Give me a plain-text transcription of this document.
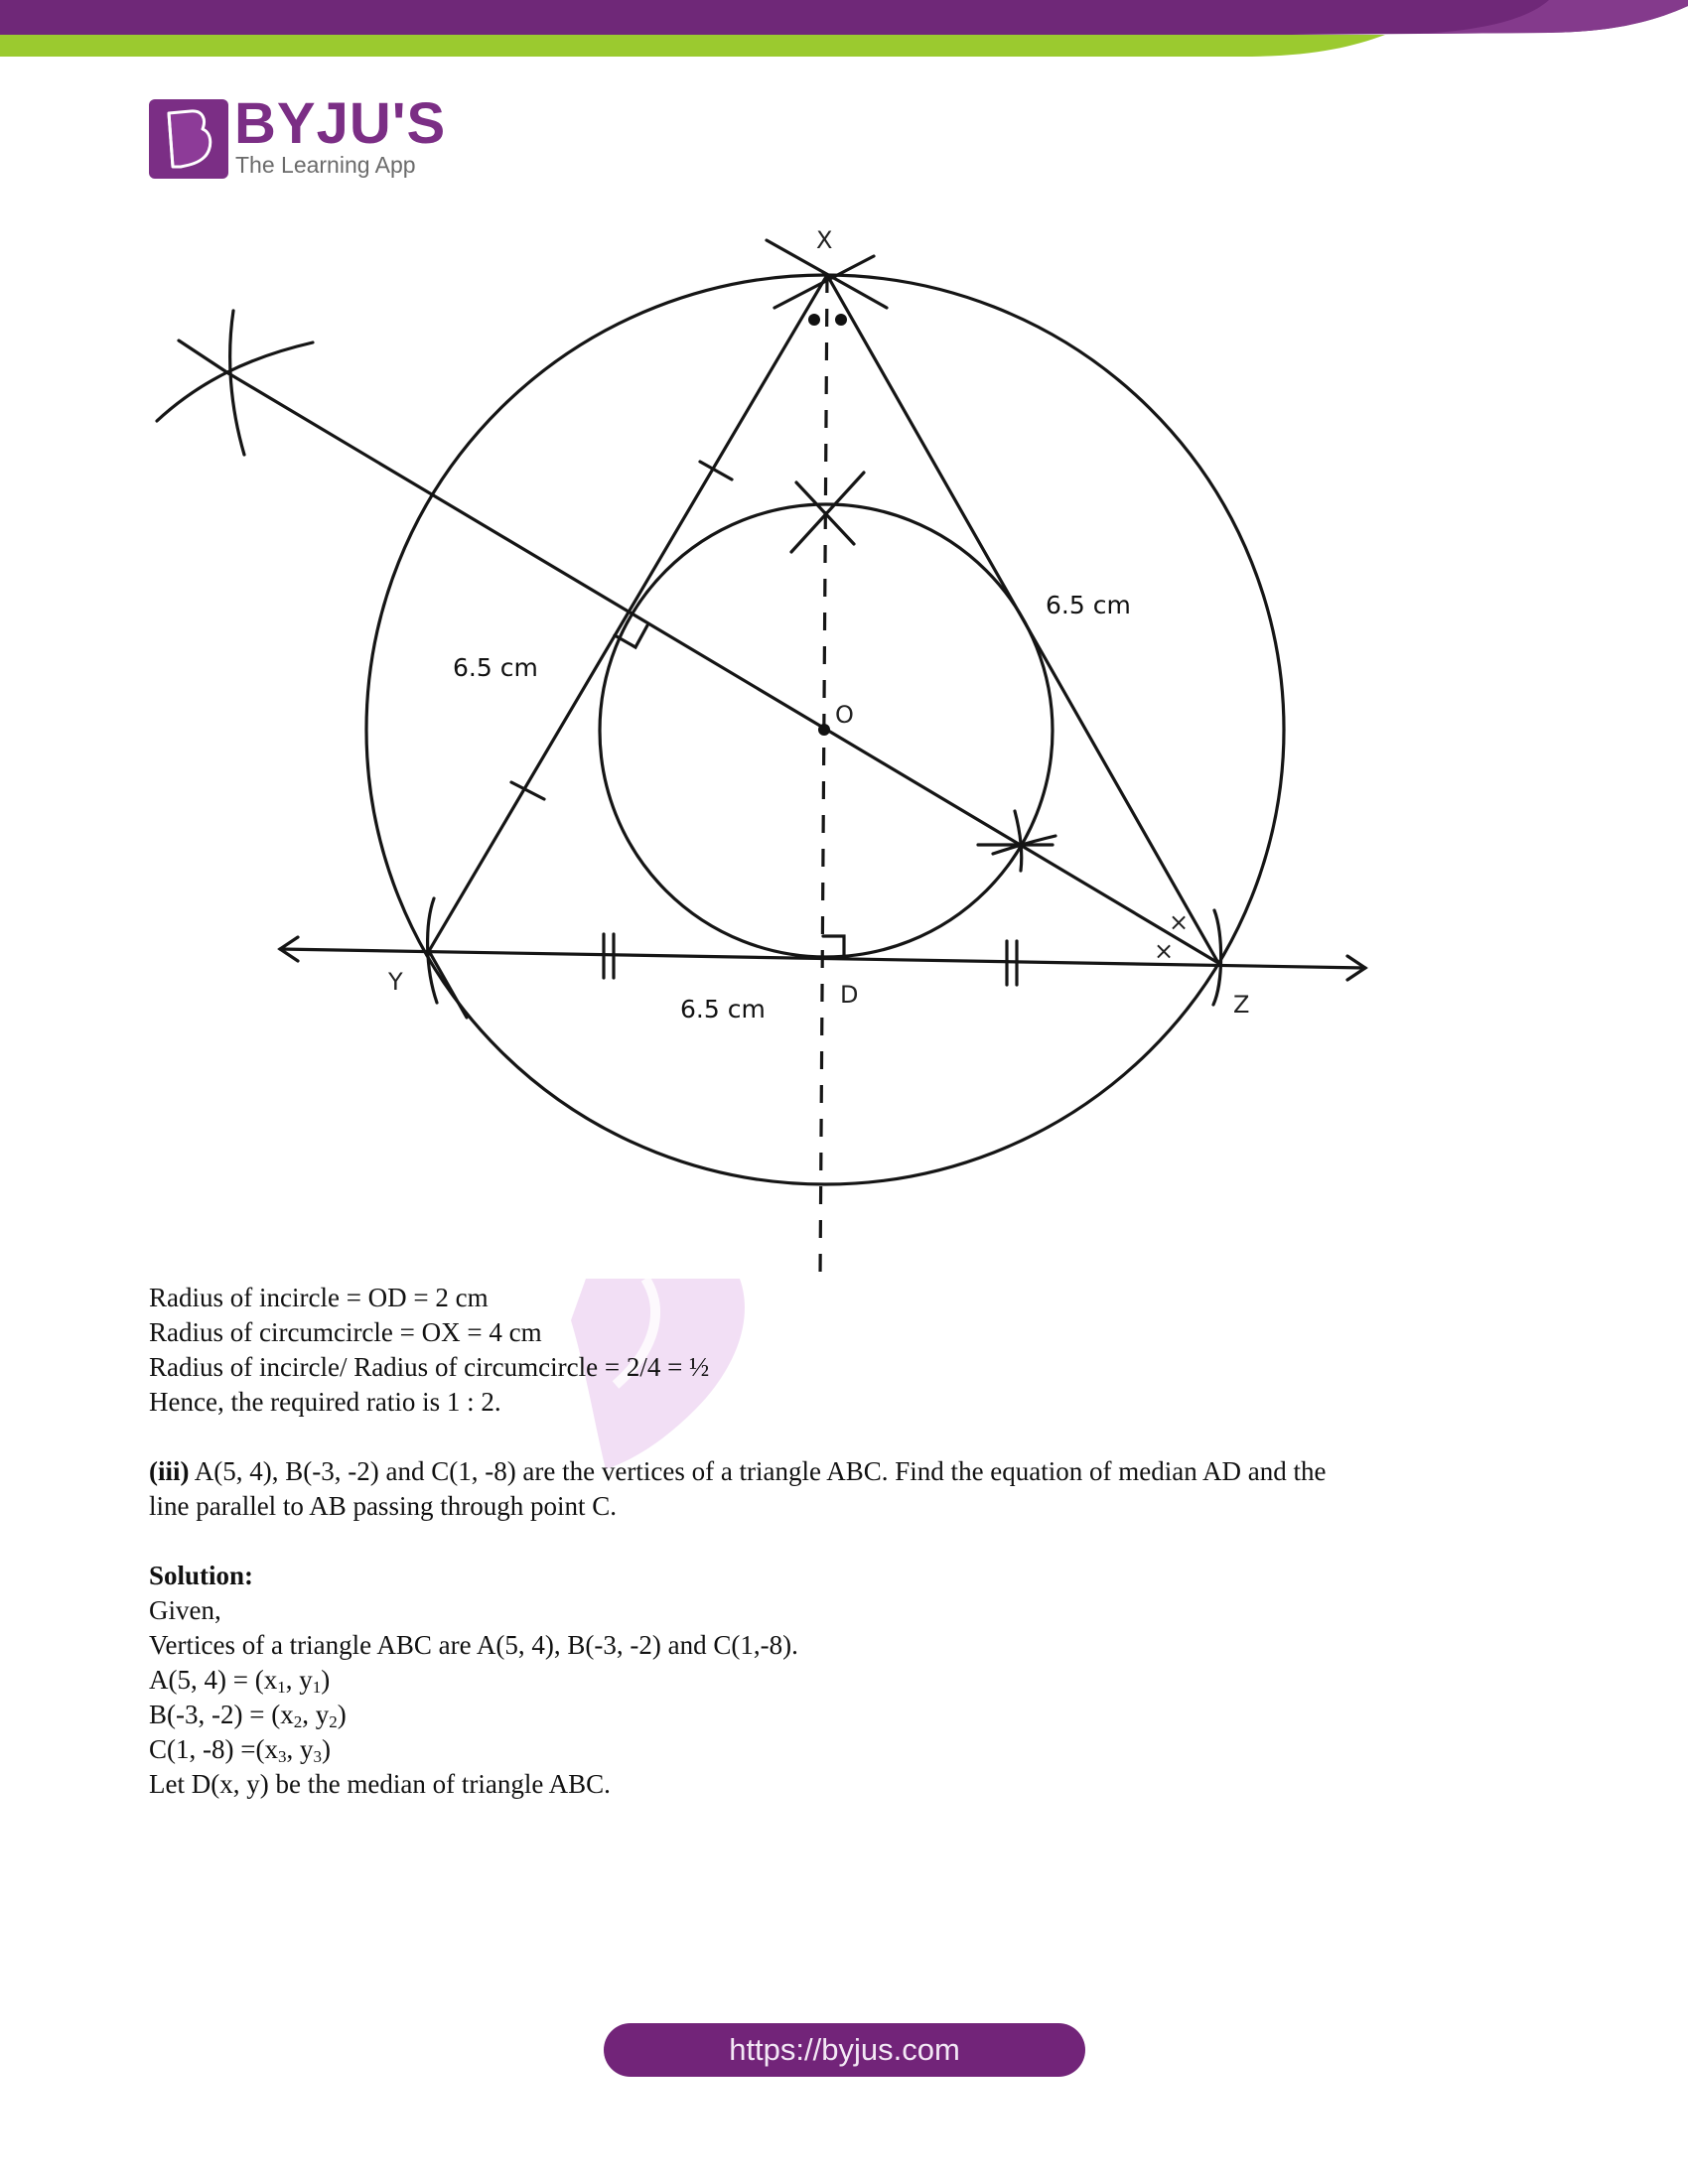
BYJU'S
The Learning App
X
Y
Z
O
D
6.5 cm
6.5 cm
6.5 cm
×
×

Radius of incircle = OD = 2 cm

Radius of circumcircle = OX = 4 cm

Radius of incircle/ Radius of circumcircle = 2/4 = ½

Hence, the required ratio is 1 : 2.

(iii) A(5, 4), B(-3, -2) and C(1, -8) are the vertices of a triangle ABC. Find the equation of median AD and the

line parallel to AB passing through point C.

Solution:

Given,

Vertices of a triangle ABC are A(5, 4), B(-3, -2) and C(1,-8).

A(5, $4) = (x_1$, $y_1$)

B(-3, $-2) = (x_2$, $y_2$)

C(1, $-8) =(x_3$, $y_3$)

Let D(x, y) be the median of triangle ABC.

https://byjus.com
